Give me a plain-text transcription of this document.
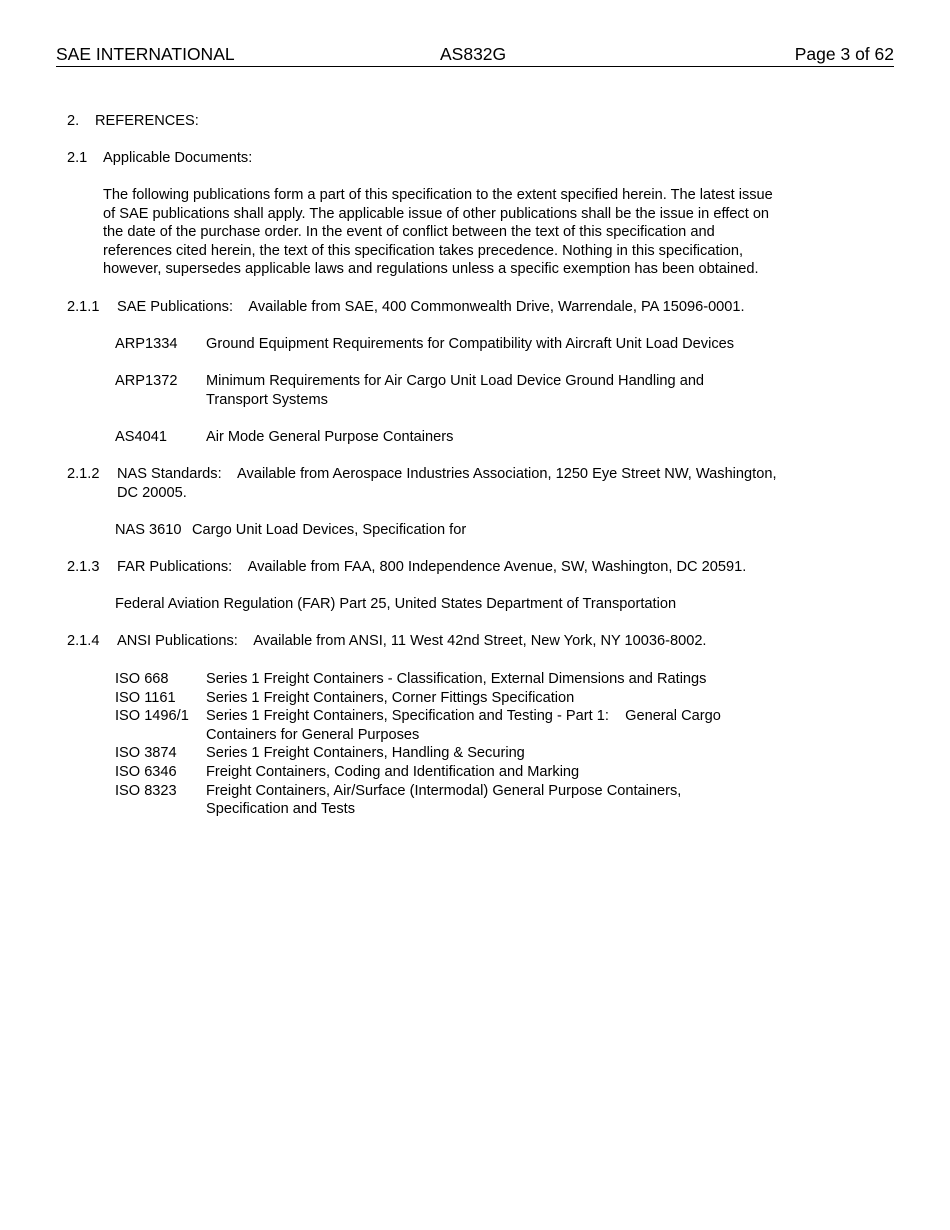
SAE INTERNATIONAL	AS832G	Page 3 of 62
2. REFERENCES:
2.1 Applicable Documents:
The following publications form a part of this specification to the extent specified herein. The latest issue
of SAE publications shall apply. The applicable issue of other publications shall be the issue in effect on
the date of the purchase order. In the event of conflict between the text of this specification and
references cited herein, the text of this specification takes precedence. Nothing in this specification,
however, supersedes applicable laws and regulations unless a specific exemption has been obtained.
2.1.1 SAE Publications:    Available from SAE, 400 Commonwealth Drive, Warrendale, PA 15096-0001.
ARP1334 Ground Equipment Requirements for Compatibility with Aircraft Unit Load Devices
ARP1372 Minimum Requirements for Air Cargo Unit Load Device Ground Handling and
Transport Systems
AS4041	Air Mode General Purpose Containers
2.1.2 NAS Standards:    Available from Aerospace Industries Association, 1250 Eye Street NW, Washington,
DC 20005.
NAS 3610 Cargo Unit Load Devices, Specification for
2.1.3 FAR Publications:    Available from FAA, 800 Independence Avenue, SW, Washington, DC 20591.
Federal Aviation Regulation (FAR) Part 25, United States Department of Transportation
2.1.4 ANSI Publications:    Available from ANSI, 11 West 42nd Street, New York, NY 10036-8002.
ISO 668	Series 1 Freight Containers - Classification, External Dimensions and Ratings
ISO 1161 Series 1 Freight Containers, Corner Fittings Specification
ISO 1496/1 Series 1 Freight Containers, Specification and Testing - Part 1:    General Cargo
Containers for General Purposes
ISO 3874 Series 1 Freight Containers, Handling & Securing
ISO 6346 Freight Containers, Coding and Identification and Marking
ISO 8323 Freight Containers, Air/Surface (Intermodal) General Purpose Containers,
Specification and Tests
